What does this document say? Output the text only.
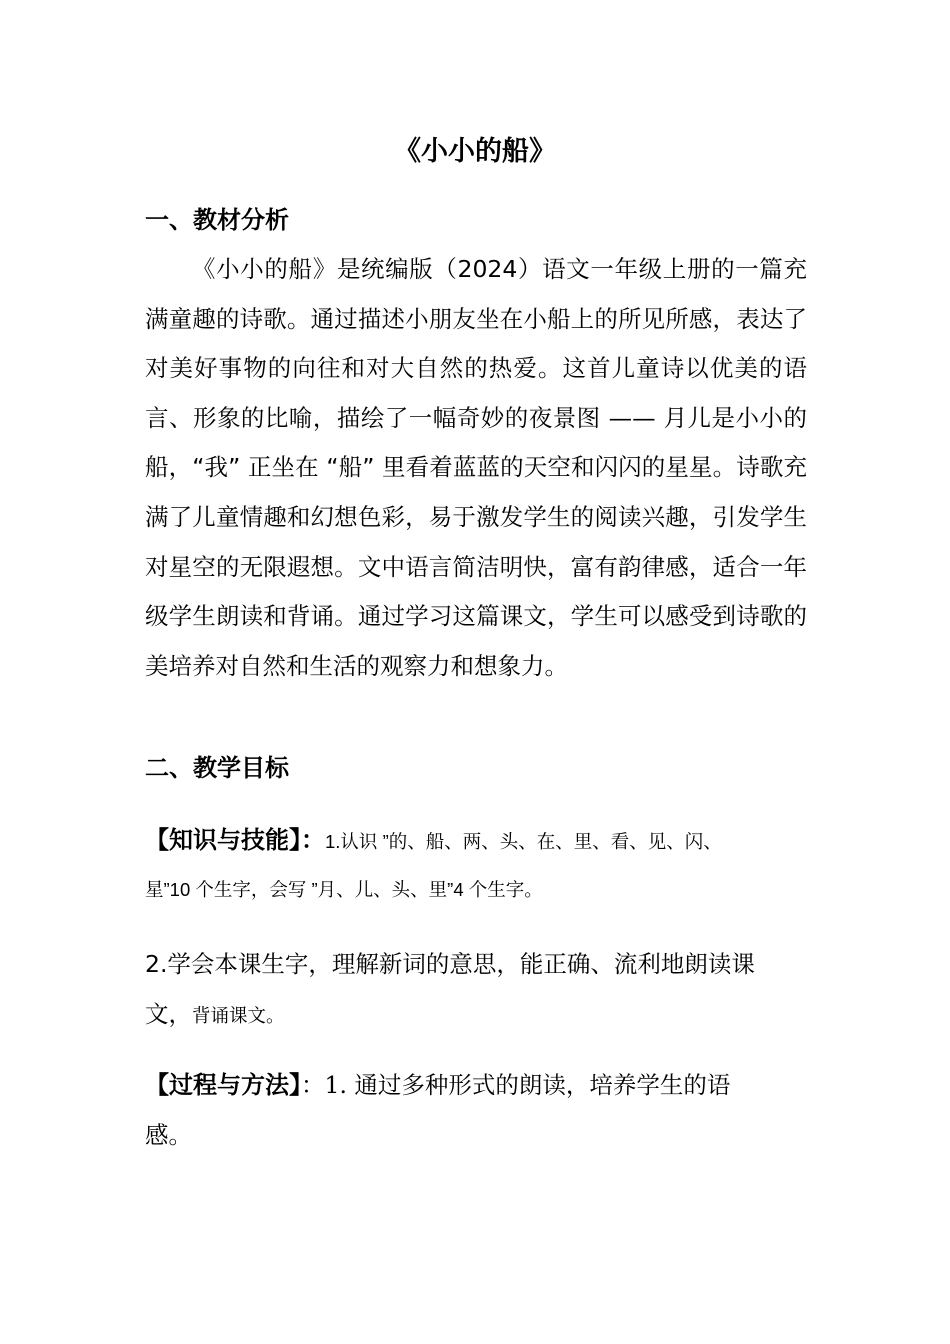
《小小的船》
一、教材分析
《小小的船》是统编版（2024）语文一年级上册的一篇充满童趣的诗歌。通过描述小朋友坐在小船上的所见所感，表达了对美好事物的向往和对大自然的热爱。这首儿童诗以优美的语言、形象的比喻，描绘了一幅奇妙的夜景图 —— 月儿是小小的船，“我” 正坐在 “船” 里看着蓝蓝的天空和闪闪的星星。诗歌充满了儿童情趣和幻想色彩，易于激发学生的阅读兴趣，引发学生对星空的无限遐想。文中语言简洁明快，富有韵律感，适合一年级学生朗读和背诵。通过学习这篇课文，学生可以感受到诗歌的美培养对自然和生活的观察力和想象力。
二、教学目标
【知识与技能】：1.认识 ”的、船、两、头、在、里、看、见、闪、
星”10 个生字，会写 ”月、儿、头、里”4 个生字。
2.学会本课生字，理解新词的意思，能正确、流利地朗读课
文，背诵课文。
【过程与方法】：1. 通过多种形式的朗读，培养学生的语
感。
